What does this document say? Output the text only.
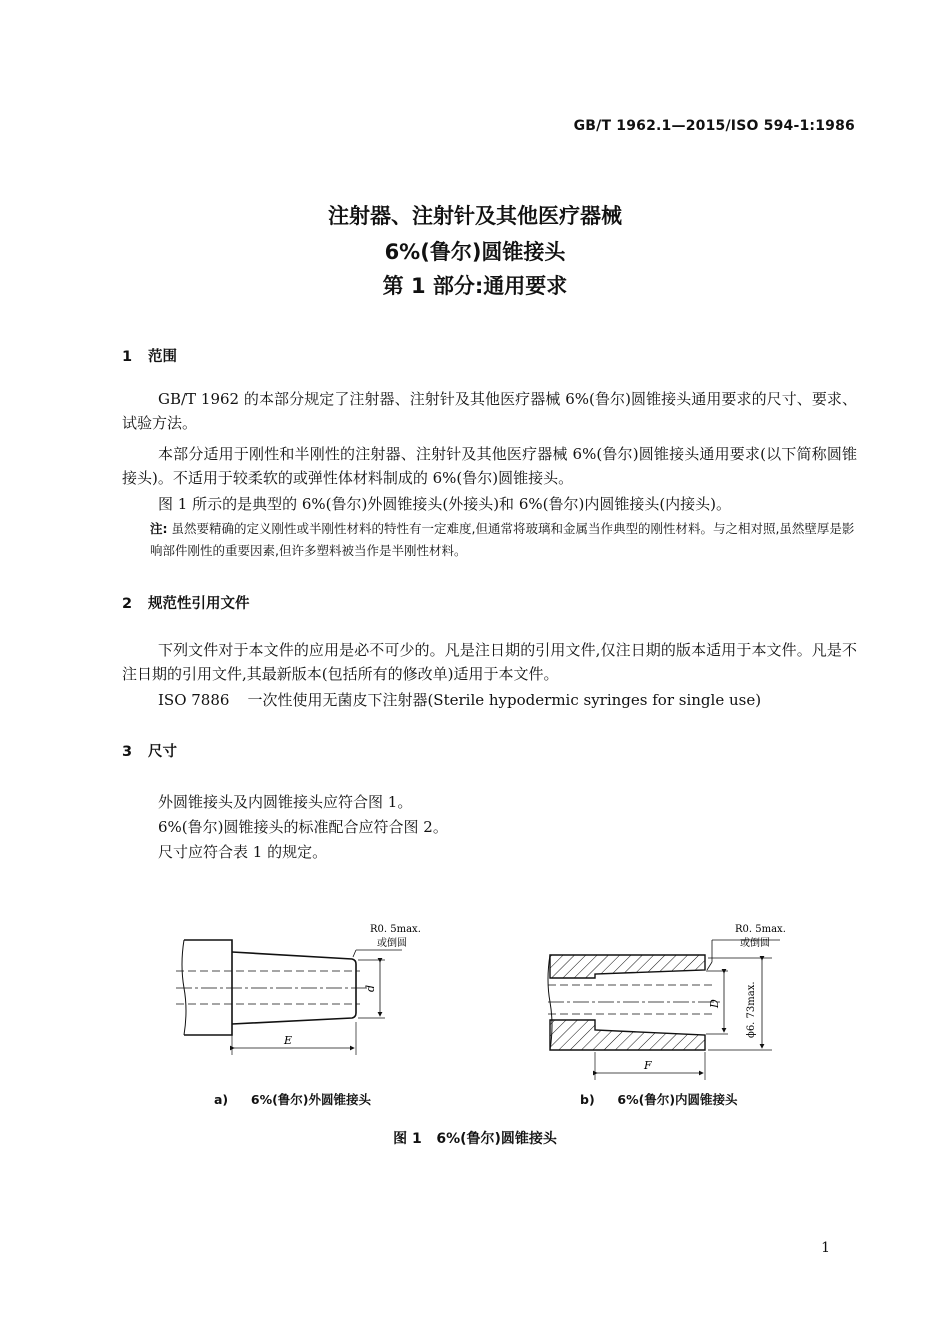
GB/T 1962.1—2015/ISO 594-1:1986
注射器、注射针及其他医疗器械
6%(鲁尔)圆锥接头
第 1 部分:通用要求
1 范围
GB/T 1962 的本部分规定了注射器、注射针及其他医疗器械 6%(鲁尔)圆锥接头通用要求的尺寸、要求、试验方法。
本部分适用于刚性和半刚性的注射器、注射针及其他医疗器械 6%(鲁尔)圆锥接头通用要求(以下简称圆锥接头)。不适用于较柔软的或弹性体材料制成的 6%(鲁尔)圆锥接头。
图 1 所示的是典型的 6%(鲁尔)外圆锥接头(外接头)和 6%(鲁尔)内圆锥接头(内接头)。
注: 虽然要精确的定义刚性或半刚性材料的特性有一定难度,但通常将玻璃和金属当作典型的刚性材料。与之相对照,虽然壁厚是影响部件刚性的重要因素,但许多塑料被当作是半刚性材料。
2 规范性引用文件
下列文件对于本文件的应用是必不可少的。凡是注日期的引用文件,仅注日期的版本适用于本文件。凡是不注日期的引用文件,其最新版本(包括所有的修改单)适用于本文件。
ISO 7886 一次性使用无菌皮下注射器(Sterile hypodermic syringes for single use)
3 尺寸
外圆锥接头及内圆锥接头应符合图 1。
6%(鲁尔)圆锥接头的标准配合应符合图 2。
尺寸应符合表 1 的规定。
d
E
R0. 5max.
或倒圆
D	ϕ6. 73max.
F
R0. 5max.
或倒圆
a) 6%(鲁尔)外圆锥接头	b) 6%(鲁尔)内圆锥接头
图 1   6%(鲁尔)圆锥接头
1
